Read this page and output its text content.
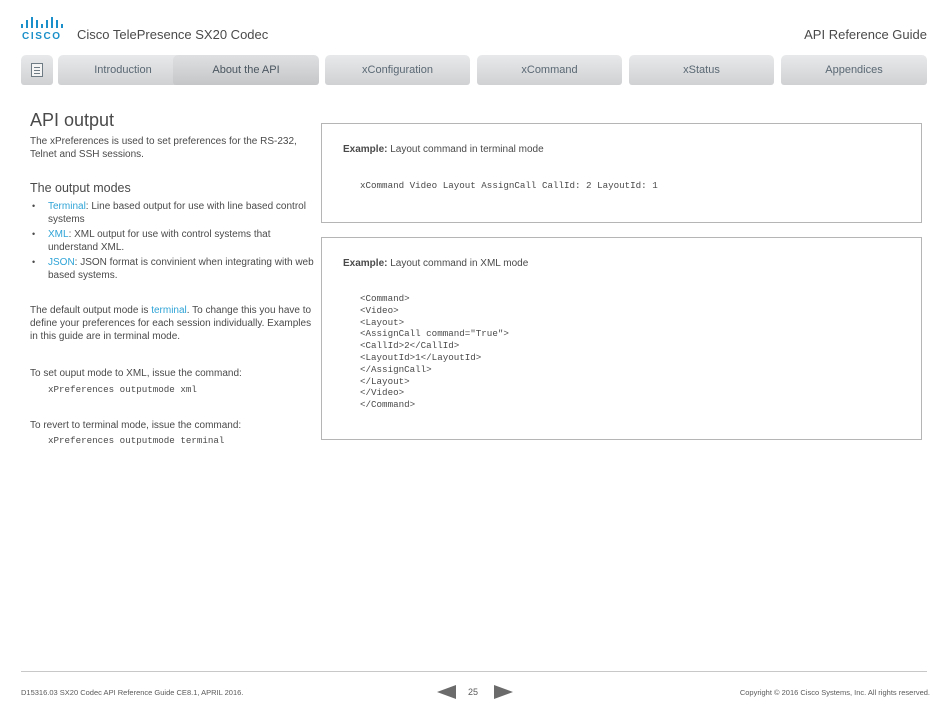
CISCO Cisco TelePresence SX20 Codec	API Reference Guide
Introduction	About the API	xConfiguration	xCommand	xStatus	Appendices
API output
The xPreferences is used to set preferences for the RS-232, Telnet and SSH sessions.
The output modes
• Terminal: Line based output for use with line based control systems
• XML: XML output for use with control systems that understand XML.
• JSON: JSON format is convinient when integrating with web based systems.
The default output mode is terminal. To change this you have to define your preferences for each session individually. Examples in this guide are in terminal mode.
To set ouput mode to XML, issue the command:
xPreferences outputmode xml
To revert to terminal mode, issue the command:
xPreferences outputmode terminal
Example: Layout command in terminal mode
xCommand Video Layout AssignCall CallId: 2 LayoutId: 1
Example: Layout command in XML mode
<Command>
<Video>
<Layout>
<AssignCall command="True">
<CallId>2</CallId>
<LayoutId>1</LayoutId>
</AssignCall>
</Layout>
</Video>
</Command>
D15316.03 SX20 Codec API Reference Guide CE8.1, APRIL 2016.	25	Copyright © 2016 Cisco Systems, Inc. All rights reserved.
